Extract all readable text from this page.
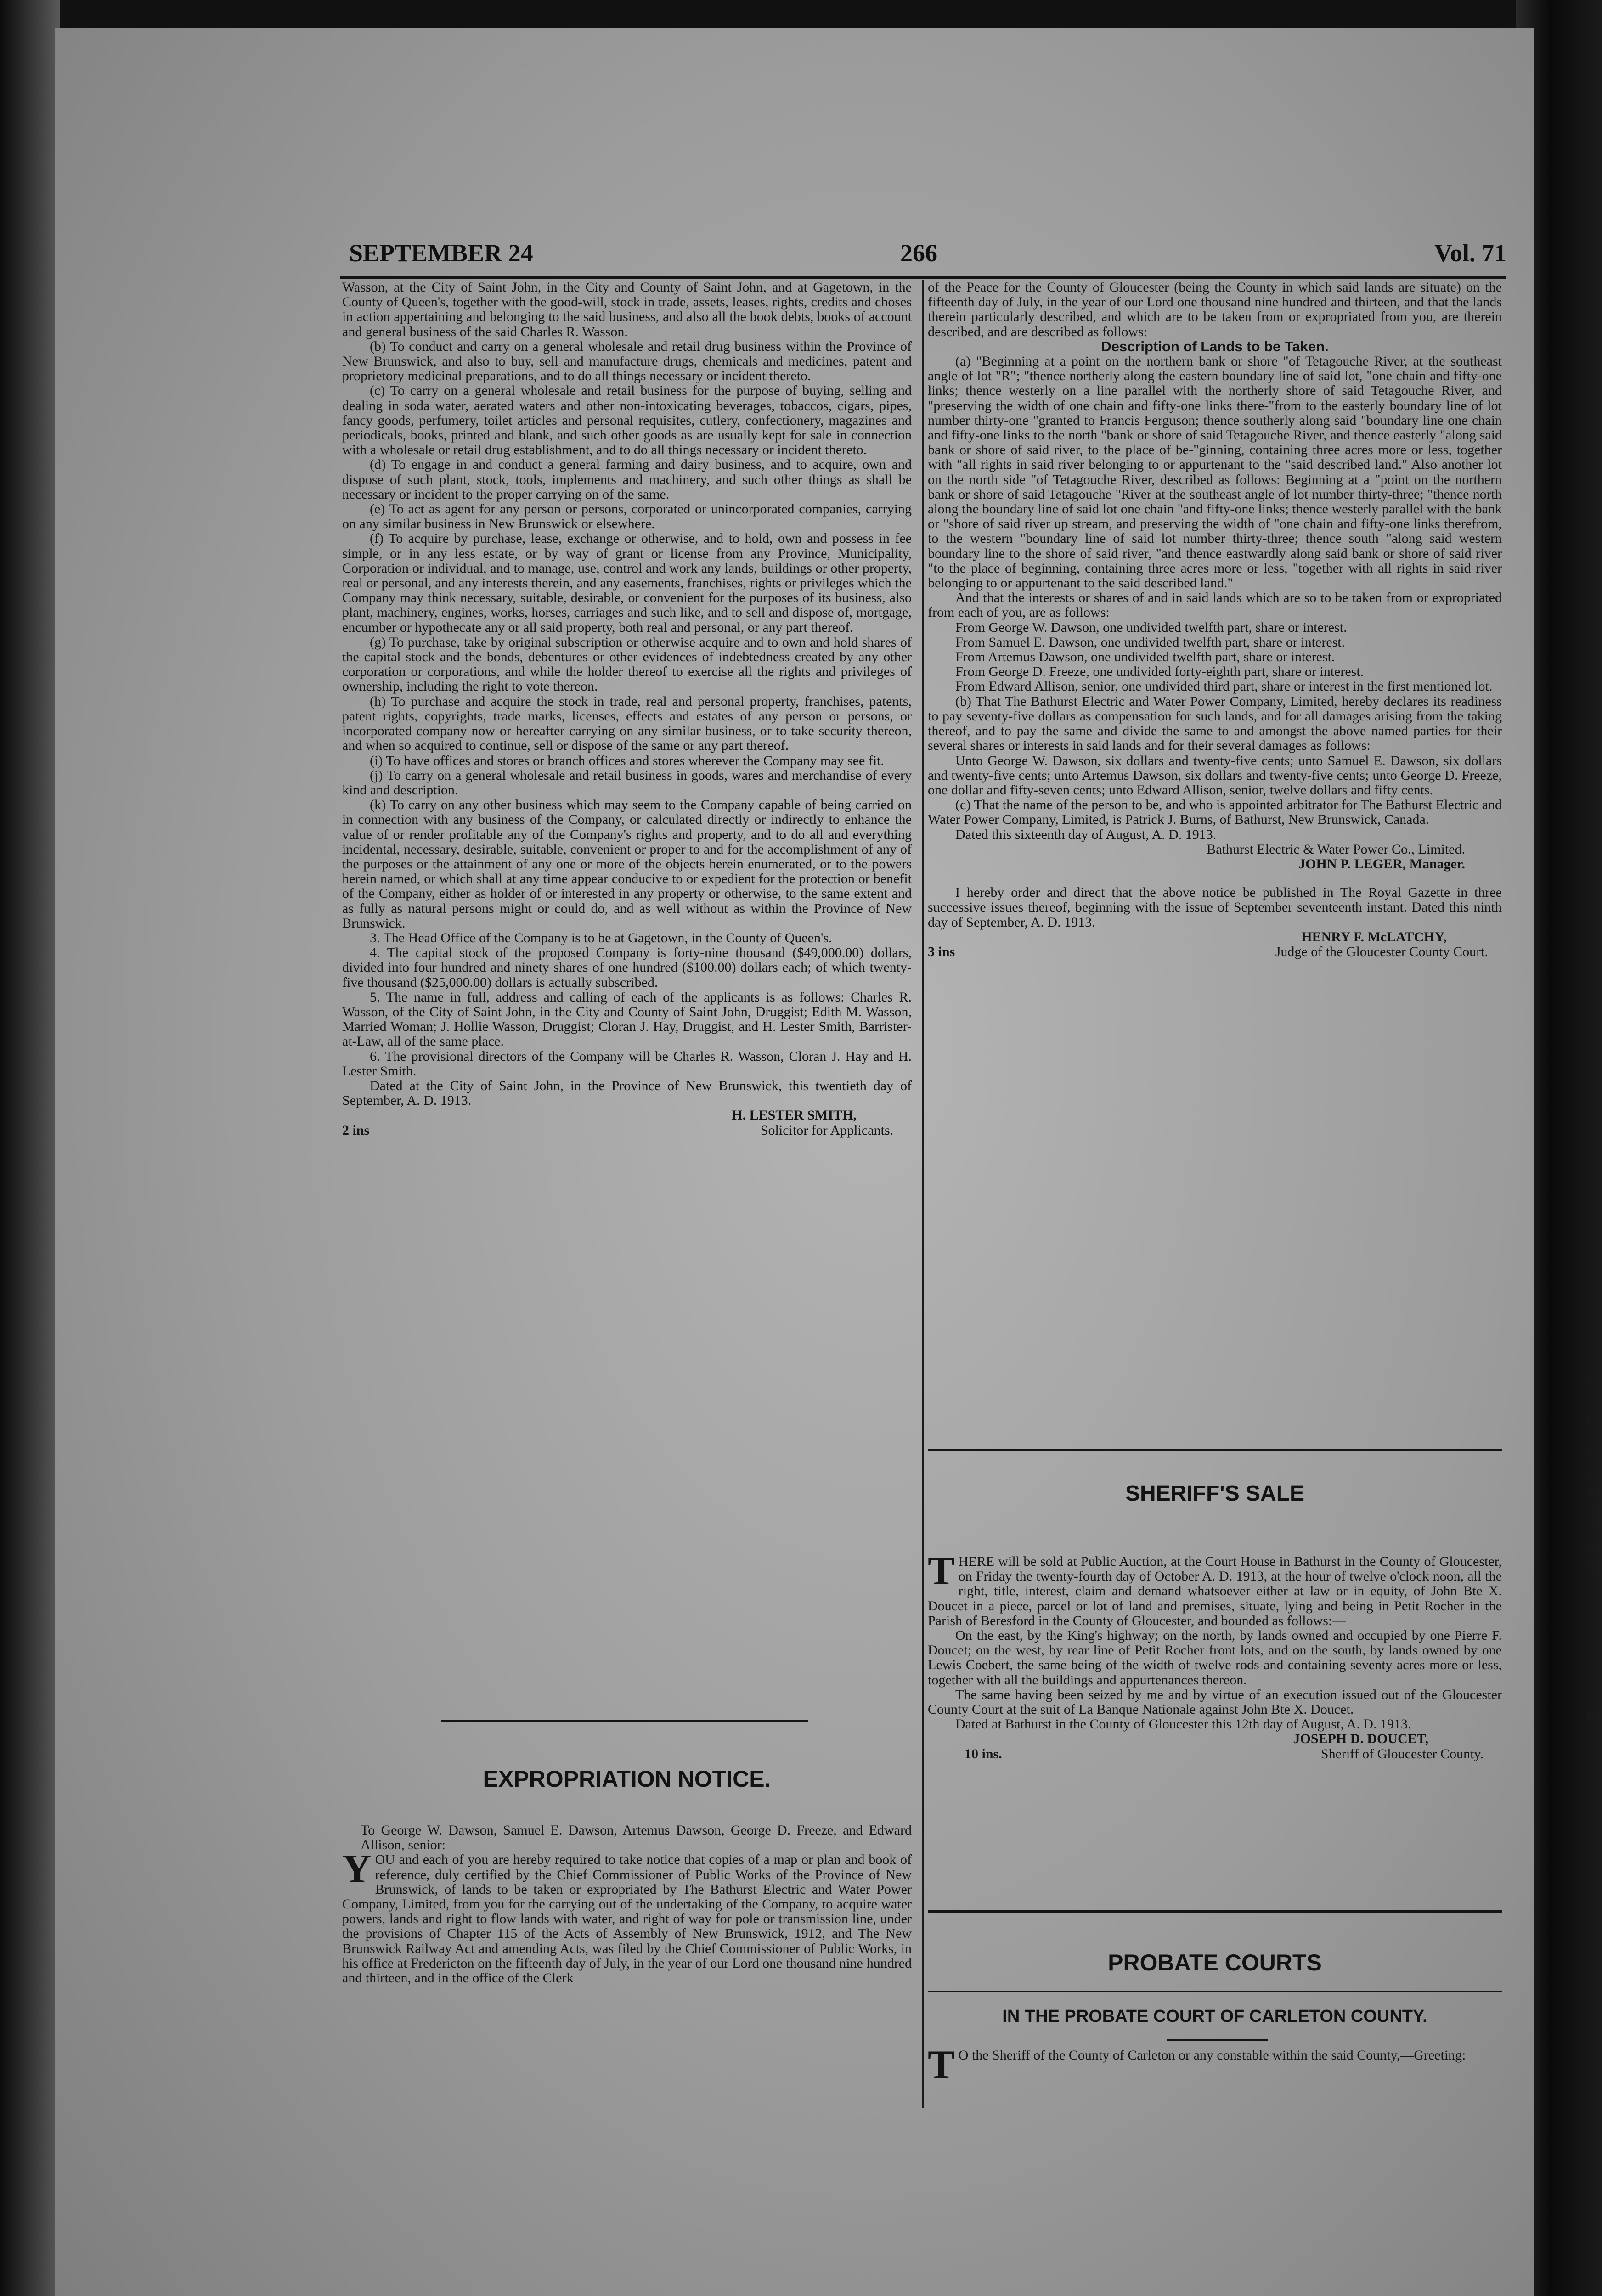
SEPTEMBER 24	266	Vol. 71

Wasson, at the City of Saint John, in the City and County of Saint John, and at Gagetown, in the County of Queen's, together with the good-will, stock in trade, assets, leases, rights, credits and choses in action appertaining and belonging to the said business, and also all the book debts, books of account and general business of the said Charles R. Wasson.

(b) To conduct and carry on a general wholesale and retail drug business within the Province of New Brunswick, and also to buy, sell and manufacture drugs, chemicals and medicines, patent and proprietory medicinal preparations, and to do all things necessary or incident thereto.

(c) To carry on a general wholesale and retail business for the purpose of buying, selling and dealing in soda water, aerated waters and other non-intoxicating beverages, tobaccos, cigars, pipes, fancy goods, perfumery, toilet articles and personal requisites, cutlery, confectionery, magazines and periodicals, books, printed and blank, and such other goods as are usually kept for sale in connection with a wholesale or retail drug establishment, and to do all things necessary or incident thereto.

(d) To engage in and conduct a general farming and dairy business, and to acquire, own and dispose of such plant, stock, tools, implements and machinery, and such other things as shall be necessary or incident to the proper carrying on of the same.

(e) To act as agent for any person or persons, corporated or unincorporated companies, carrying on any similar business in New Brunswick or elsewhere.

(f) To acquire by purchase, lease, exchange or otherwise, and to hold, own and possess in fee simple, or in any less estate, or by way of grant or license from any Province, Municipality, Corporation or individual, and to manage, use, control and work any lands, buildings or other property, real or personal, and any interests therein, and any easements, franchises, rights or privileges which the Company may think necessary, suitable, desirable, or convenient for the purposes of its business, also plant, machinery, engines, works, horses, carriages and such like, and to sell and dispose of, mortgage, encumber or hypothecate any or all said property, both real and personal, or any part thereof.

(g) To purchase, take by original subscription or otherwise acquire and to own and hold shares of the capital stock and the bonds, debentures or other evidences of indebtedness created by any other corporation or corporations, and while the holder thereof to exercise all the rights and privileges of ownership, including the right to vote thereon.

(h) To purchase and acquire the stock in trade, real and personal property, franchises, patents, patent rights, copyrights, trade marks, licenses, effects and estates of any person or persons, or incorporated company now or hereafter carrying on any similar business, or to take security thereon, and when so acquired to continue, sell or dispose of the same or any part thereof.

(i) To have offices and stores or branch offices and stores wherever the Company may see fit.

(j) To carry on a general wholesale and retail business in goods, wares and merchandise of every kind and description.

(k) To carry on any other business which may seem to the Company capable of being carried on in connection with any business of the Company, or calculated directly or indirectly to enhance the value of or render profitable any of the Company's rights and property, and to do all and everything incidental, necessary, desirable, suitable, convenient or proper to and for the accomplishment of any of the purposes or the attainment of any one or more of the objects herein enumerated, or to the powers herein named, or which shall at any time appear conducive to or expedient for the protection or benefit of the Company, either as holder of or interested in any property or otherwise, to the same extent and as fully as natural persons might or could do, and as well without as within the Province of New Brunswick.

3. The Head Office of the Company is to be at Gagetown, in the County of Queen's.

4. The capital stock of the proposed Company is forty-nine thousand ($49,000.00) dollars, divided into four hundred and ninety shares of one hundred ($100.00) dollars each; of which twenty-five thousand ($25,000.00) dollars is actually subscribed.

5. The name in full, address and calling of each of the applicants is as follows: Charles R. Wasson, of the City of Saint John, in the City and County of Saint John, Druggist; Edith M. Wasson, Married Woman; J. Hollie Wasson, Druggist; Cloran J. Hay, Druggist, and H. Lester Smith, Barrister-at-Law, all of the same place.

6. The provisional directors of the Company will be Charles R. Wasson, Cloran J. Hay and H. Lester Smith.

Dated at the City of Saint John, in the Province of New Brunswick, this twentieth day of September, A. D. 1913.

H. LESTER SMITH,

2 ins	Solicitor for Applicants.

EXPROPRIATION NOTICE.

To George W. Dawson, Samuel E. Dawson, Artemus Dawson, George D. Freeze, and Edward Allison, senior:

YOU and each of you are hereby required to take notice that copies of a map or plan and book of reference, duly certified by the Chief Commissioner of Public Works of the Province of New Brunswick, of lands to be taken or expropriated by The Bathurst Electric and Water Power Company, Limited, from you for the carrying out of the undertaking of the Company, to acquire water powers, lands and right to flow lands with water, and right of way for pole or transmission line, under the provisions of Chapter 115 of the Acts of Assembly of New Brunswick, 1912, and The New Brunswick Railway Act and amending Acts, was filed by the Chief Commissioner of Public Works, in his office at Fredericton on the fifteenth day of July, in the year of our Lord one thousand nine hundred and thirteen, and in the office of the Clerk

of the Peace for the County of Gloucester (being the County in which said lands are situate) on the fifteenth day of July, in the year of our Lord one thousand nine hundred and thirteen, and that the lands therein particularly described, and which are to be taken from or expropriated from you, are therein described, and are described as follows:

Description of Lands to be Taken.

(a) "Beginning at a point on the northern bank or shore "of Tetagouche River, at the southeast angle of lot "R"; "thence northerly along the eastern boundary line of said lot, "one chain and fifty-one links; thence westerly on a line parallel with the northerly shore of said Tetagouche River, and "preserving the width of one chain and fifty-one links there-"from to the easterly boundary line of lot number thirty-one "granted to Francis Ferguson; thence southerly along said "boundary line one chain and fifty-one links to the north "bank or shore of said Tetagouche River, and thence easterly "along said bank or shore of said river, to the place of be-"ginning, containing three acres more or less, together with "all rights in said river belonging to or appurtenant to the "said described land." Also another lot on the north side "of Tetagouche River, described as follows: Beginning at a "point on the northern bank or shore of said Tetagouche "River at the southeast angle of lot number thirty-three; "thence north along the boundary line of said lot one chain "and fifty-one links; thence westerly parallel with the bank or "shore of said river up stream, and preserving the width of "one chain and fifty-one links therefrom, to the western "boundary line of said lot number thirty-three; thence south "along said western boundary line to the shore of said river, "and thence eastwardly along said bank or shore of said river "to the place of beginning, containing three acres more or less, "together with all rights in said river belonging to or appurtenant to the said described land."

And that the interests or shares of and in said lands which are so to be taken from or expropriated from each of you, are as follows:

From George W. Dawson, one undivided twelfth part, share or interest.

From Samuel E. Dawson, one undivided twelfth part, share or interest.

From Artemus Dawson, one undivided twelfth part, share or interest.

From George D. Freeze, one undivided forty-eighth part, share or interest.

From Edward Allison, senior, one undivided third part, share or interest in the first mentioned lot.

(b) That The Bathurst Electric and Water Power Company, Limited, hereby declares its readiness to pay seventy-five dollars as compensation for such lands, and for all damages arising from the taking thereof, and to pay the same and divide the same to and amongst the above named parties for their several shares or interests in said lands and for their several damages as follows:

Unto George W. Dawson, six dollars and twenty-five cents; unto Samuel E. Dawson, six dollars and twenty-five cents; unto Artemus Dawson, six dollars and twenty-five cents; unto George D. Freeze, one dollar and fifty-seven cents; unto Edward Allison, senior, twelve dollars and fifty cents.

(c) That the name of the person to be, and who is appointed arbitrator for The Bathurst Electric and Water Power Company, Limited, is Patrick J. Burns, of Bathurst, New Brunswick, Canada.

Dated this sixteenth day of August, A. D. 1913.

Bathurst Electric & Water Power Co., Limited.

JOHN P. LEGER, Manager.

I hereby order and direct that the above notice be published in The Royal Gazette in three successive issues thereof, beginning with the issue of September seventeenth instant. Dated this ninth day of September, A. D. 1913.

HENRY F. McLATCHY,

3 ins	Judge of the Gloucester County Court.

SHERIFF'S SALE

THERE will be sold at Public Auction, at the Court House in Bathurst in the County of Gloucester, on Friday the twenty-fourth day of October A. D. 1913, at the hour of twelve o'clock noon, all the right, title, interest, claim and demand whatsoever either at law or in equity, of John Bte X. Doucet in a piece, parcel or lot of land and premises, situate, lying and being in Petit Rocher in the Parish of Beresford in the County of Gloucester, and bounded as follows:—

On the east, by the King's highway; on the north, by lands owned and occupied by one Pierre F. Doucet; on the west, by rear line of Petit Rocher front lots, and on the south, by lands owned by one Lewis Coebert, the same being of the width of twelve rods and containing seventy acres more or less, together with all the buildings and appurtenances thereon.

The same having been seized by me and by virtue of an execution issued out of the Gloucester County Court at the suit of La Banque Nationale against John Bte X. Doucet.

Dated at Bathurst in the County of Gloucester this 12th day of August, A. D. 1913.

JOSEPH D. DOUCET,

10 ins.	Sheriff of Gloucester County.

PROBATE COURTS
IN THE PROBATE COURT OF CARLETON COUNTY.

T O the Sheriff of the County of Carleton or any constable within the said County,—Greeting:

S
S
v
a
P
v
b
tr
th
st
C
ot
sa
Pr
